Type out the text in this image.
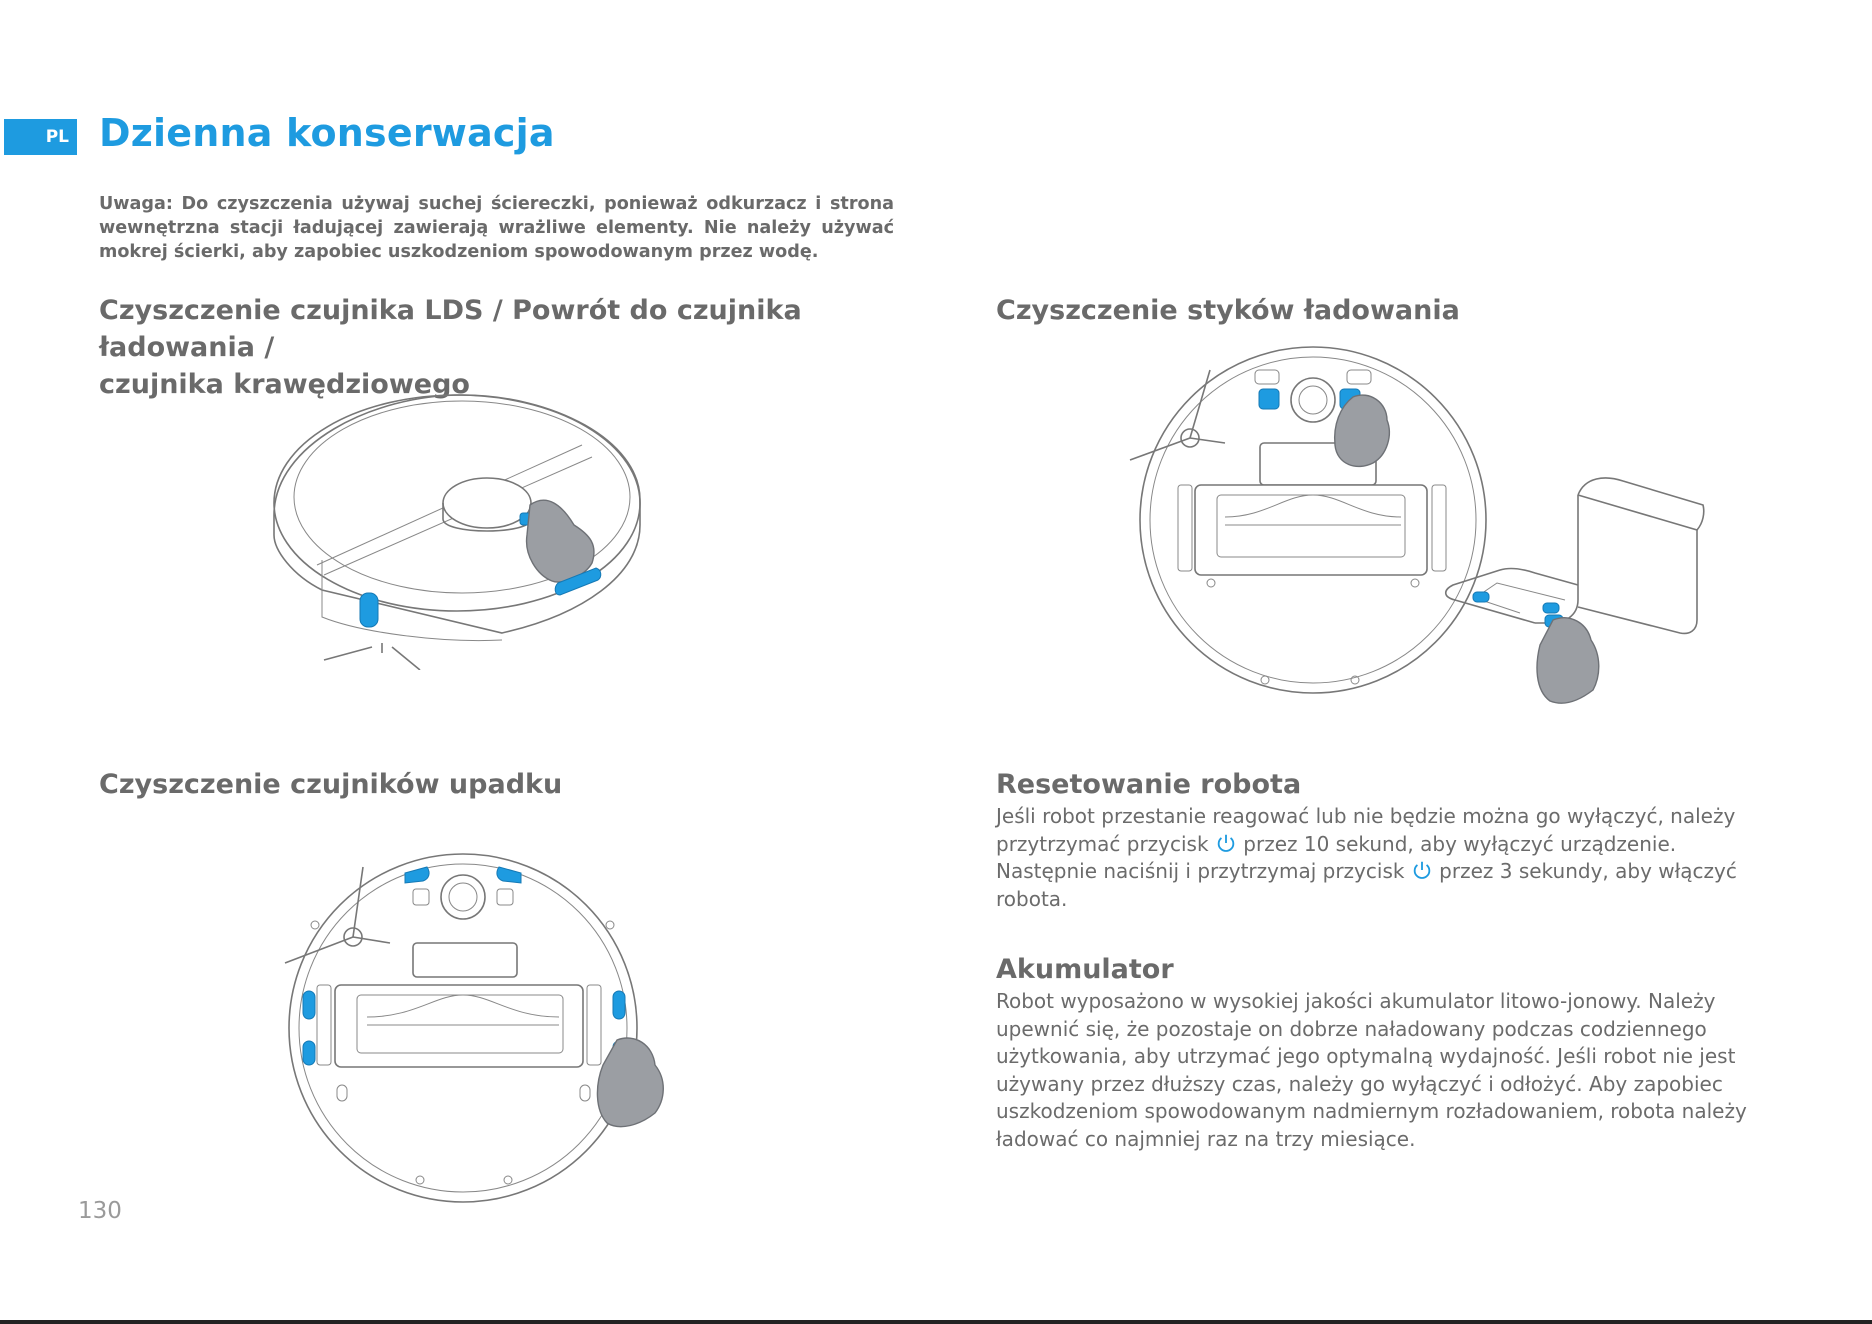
PL Dzienna konserwacja
Uwaga: Do czyszczenia używaj suchej ściereczki, ponieważ odkurzacz i strona wewnętrzna stacji ładującej zawierają wrażliwe elementy. Nie należy używać mokrej ścierki, aby zapobiec uszkodzeniom spowodowanym przez wodę.
Czyszczenie czujnika LDS / Powrót do czujnika ładowania /
czujnika krawędziowego
Czyszczenie styków ładowania
Czyszczenie czujników upadku	Resetowanie robota
Jeśli robot przestanie reagować lub nie będzie można go wyłączyć, należy
przytrzymać przycisk przez 10 sekund, aby wyłączyć urządzenie.
Następnie naciśnij i przytrzymaj przycisk przez 3 sekundy, aby włączyć
robota.
Akumulator
Robot wyposażono w wysokiej jakości akumulator litowo-jonowy. Należy
upewnić się, że pozostaje on dobrze naładowany podczas codziennego
użytkowania, aby utrzymać jego optymalną wydajność. Jeśli robot nie jest
używany przez dłuższy czas, należy go wyłączyć i odłożyć. Aby zapobiec
uszkodzeniom spowodowanym nadmiernym rozładowaniem, robota należy
ładować co najmniej raz na trzy miesiące.
130
